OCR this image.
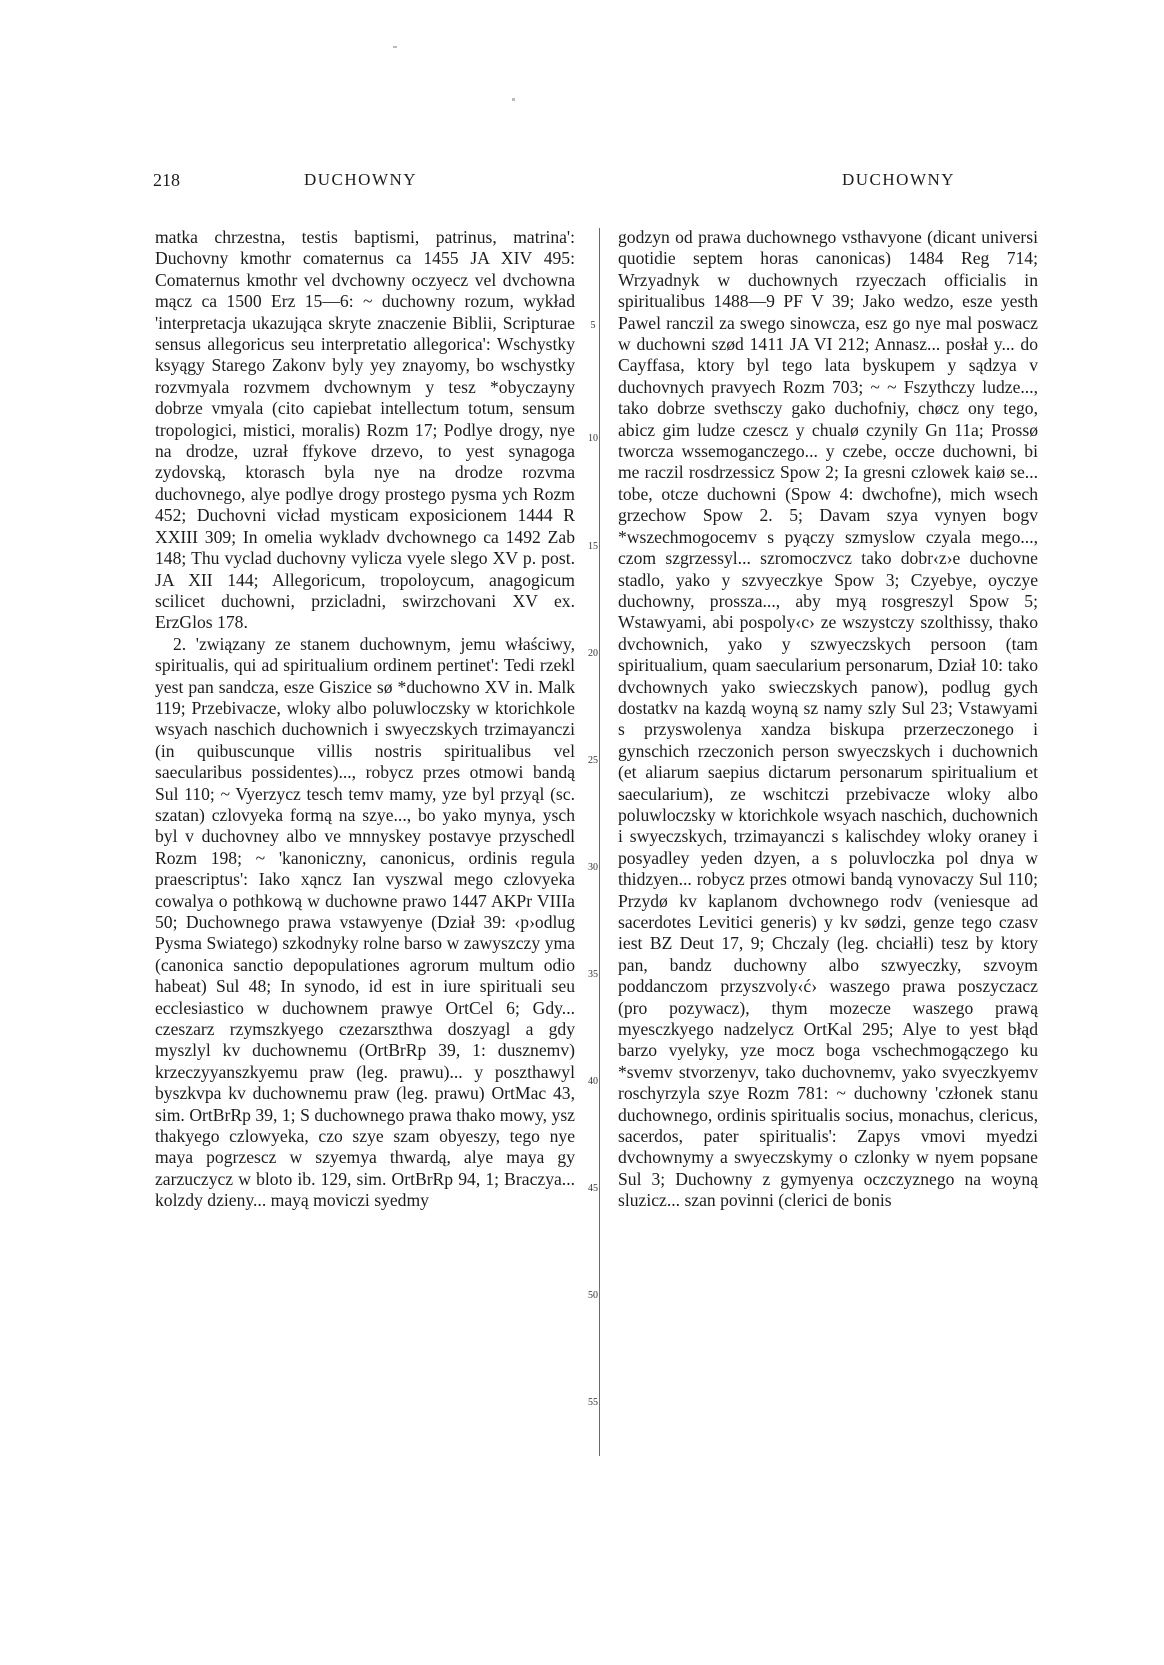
218	DUCHOWNY	DUCHOWNY

matka chrzestna, testis baptismi, patrinus, matrina': Duchovny kmothr comaternus ca 1455 JA XIV 495: Comaternus kmothr vel dvchowny oczyecz vel dvchowna mącz ca 1500 Erz 15—6: ~ duchowny rozum, wykład 'interpretacja ukazująca skryte znaczenie Biblii, Scripturae sensus allegoricus seu interpretatio allegorica': Wschystky ksyągy Starego Zakonv byly yey znayomy, bo wschystky rozvmyala rozvmem dvchownym y tesz *obyczayny dobrze vmyala (cito capiebat intellectum totum, sensum tropologici, mistici, moralis) Rozm 17; Podlye drogy, nye na drodze, uzrał ffykove drzevo, to yest synagoga zydovską, ktorasch byla nye na drodze rozvma duchovnego, alye podlye drogy prostego pysma ych Rozm 452; Duchovni vicład mysticam exposicionem 1444 R XXIII 309; In omelia wykladv dvchownego ca 1492 Zab 148; Thu vyclad duchovny vylicza vyele slego XV p. post. JA XII 144; Allegoricum, tropoloycum, anagogicum scilicet duchowni, przicladni, swirzchovani XV ex. ErzGlos 178.

2. 'związany ze stanem duchownym, jemu właściwy, spiritualis, qui ad spiritualium ordinem pertinet': Tedi rzekl yest pan sandcza, esze Giszice sø *duchowno XV in. Malk 119; Przebivacze, wloky albo poluwloczsky w ktorichkole wsyach naschich duchownich i swyeczskych trzimayanczi (in quibuscunque villis nostris spiritualibus vel saecularibus possidentes)..., robycz przes otmowi bandą Sul 110; ~ Vyerzycz tesch temv mamy, yze byl przyąl (sc. szatan) czlovyeka formą na szye..., bo yako mynya, ysch byl v duchovney albo ve mnnyskey postavye przyschedl Rozm 198; ~ 'kanoniczny, canonicus, ordinis regula praescriptus': Iako xąncz Ian vyszwal mego czlovyeka cowalya o pothkową w duchowne prawo 1447 AKPr VIIIa 50; Duchownego prawa vstawyenye (Dział 39: ‹p›odlug Pysma Swiatego) szkodnyky rolne barso w zawyszczy yma (canonica sanctio depopulationes agrorum multum odio habeat) Sul 48; In synodo, id est in iure spirituali seu ecclesiastico w duchownem prawye OrtCel 6; Gdy... czeszarz rzymszkyego czezarszthwa doszyagl a gdy myszlyl kv duchownemu (OrtBrRp 39, 1: dusznemv) krzeczyyanszkyemu praw (leg. prawu)... y poszthawyl byszkvpa kv duchownemu praw (leg. prawu) OrtMac 43, sim. OrtBrRp 39, 1; S duchownego prawa thako mowy, ysz thakyego czlowyeka, czo szye szam obyeszy, tego nye maya pogrzescz w szyemya thwardą, alye maya gy zarzuczycz w bloto ib. 129, sim. OrtBrRp 94, 1; Braczya... kolzdy dzieny... mayą moviczi syedmy

5
10
15
20
25
30
35
40
45
50
55

godzyn od prawa duchownego vsthavyone (dicant universi quotidie septem horas canonicas) 1484 Reg 714; Wrzyadnyk w duchownych rzyeczach officialis in spiritualibus 1488—9 PF V 39; Jako wedzo, esze yesth Pawel ranczil za swego sinowcza, esz go nye mal poswacz w duchowni szød 1411 JA VI 212; Annasz... posłał y... do Cayffasa, ktory byl tego lata byskupem y sądzya v duchovnych pravyech Rozm 703; ~ ~ Fszythczy ludze..., tako dobrze svethsczy gako duchofniy, chøcz ony tego, abicz gim ludze czescz y chualø czynily Gn 11a; Prossø tworcza wssemoganczego... y czebe, occze duchowni, bi me raczil rosdrzessicz Spow 2; Ia gresni czlowek kaiø se... tobe, otcze duchowni (Spow 4: dwchofne), mich wsech grzechow Spow 2. 5; Davam szya vynyen bogv *wszechmogocemv s pyączy szmyslow czyala mego..., czom szgrzessyl... szromoczvcz tako dobr‹z›e duchovne stadlo, yako y szvyeczkye Spow 3; Czyebye, oyczye duchowny, prossza..., aby myą rosgreszyl Spow 5; Wstawyami, abi pospoly‹c› ze wszystczy szolthissy, thako dvchownich, yako y szwyeczskych persoon (tam spiritualium, quam saecularium personarum, Dział 10: tako dvchownych yako swieczskych panow), podlug gych dostatkv na kazdą woyną sz namy szly Sul 23; Vstawyami s przyswolenya xandza biskupa przerzeczonego i gynschich rzeczonich person swyeczskych i duchownich (et aliarum saepius dictarum personarum spiritualium et saecularium), ze wschitczi przebivacze wloky albo poluwloczsky w ktorichkole wsyach naschich, duchownich i swyeczskych, trzimayanczi s kalischdey wloky oraney i posyadley yeden dzyen, a s poluvloczka pol dnya w thidzyen... robycz przes otmowi bandą vynovaczy Sul 110; Przydø kv kaplanom dvchownego rodv (veniesque ad sacerdotes Levitici generis) y kv sødzi, genze tego czasv iest BZ Deut 17, 9; Chczaly (leg. chciałli) tesz by ktory pan, bandz duchowny albo szwyeczky, szvoym poddanczom przyszvoly‹ć› waszego prawa poszyczacz (pro pozywacz), thym mozecze waszego prawą myesczkyego nadzelycz OrtKal 295; Alye to yest błąd barzo vyelyky, yze mocz boga vschechmogączego ku *svemv stvorzenyv, tako duchovnemv, yako svyeczkyemv roschyrzyla szye Rozm 781: ~ duchowny 'członek stanu duchownego, ordinis spiritualis socius, monachus, clericus, sacerdos, pater spiritualis': Zapys vmovi myedzi dvchownymy a swyeczskymy o czlonky w nyem popsane Sul 3; Duchowny z gymyenya oczczyznego na woyną sluzicz... szan povinni (clerici de bonis
